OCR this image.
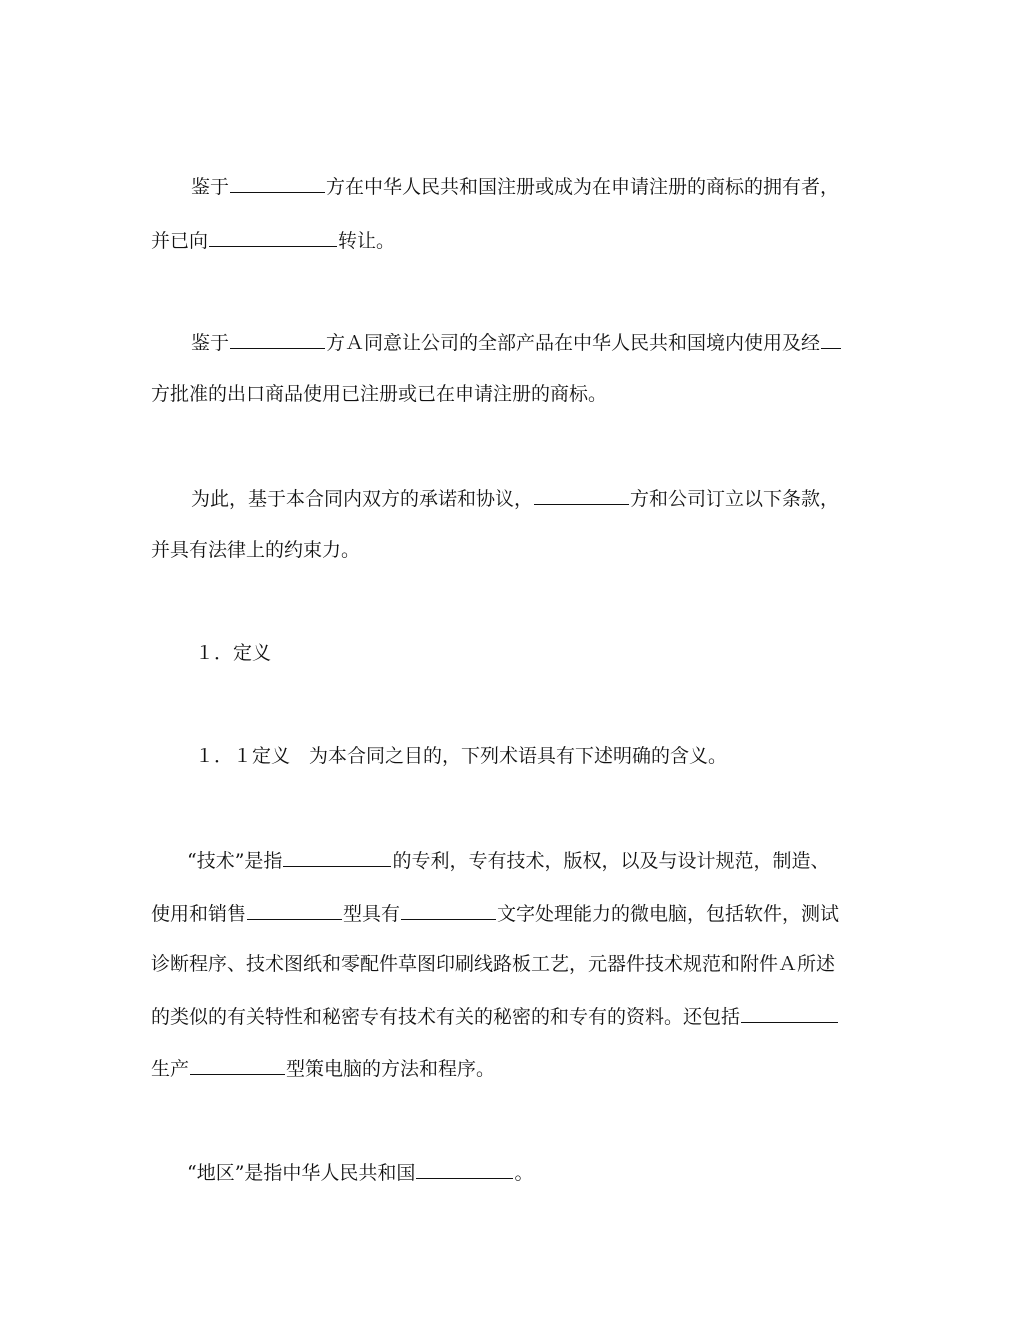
鉴于	方在中华人民共和国注册或成为在申请注册的商标的拥有者，
并已向	转让。
鉴于	方Ａ同意让公司的全部产品在中华人民共和国境内使用及经
方批准的出口商品使用已注册或已在申请注册的商标。
为此，基于本合同内双方的承诺和协议，	方和公司订立以下条款，
并具有法律上的约束力。
１．定义
１．１定义　为本合同之目的，下列术语具有下述明确的含义。
“技术”是指	的专利，专有技术，版权，以及与设计规范，制造、
使用和销售	型具有	文字处理能力的微电脑，包括软件，测试
诊断程序、技术图纸和零配件草图印刷线路板工艺，元器件技术规范和附件Ａ所述
的类似的有关特性和秘密专有技术有关的秘密的和专有的资料。还包括
生产	型策电脑的方法和程序。
“地区”是指中华人民共和国	。
